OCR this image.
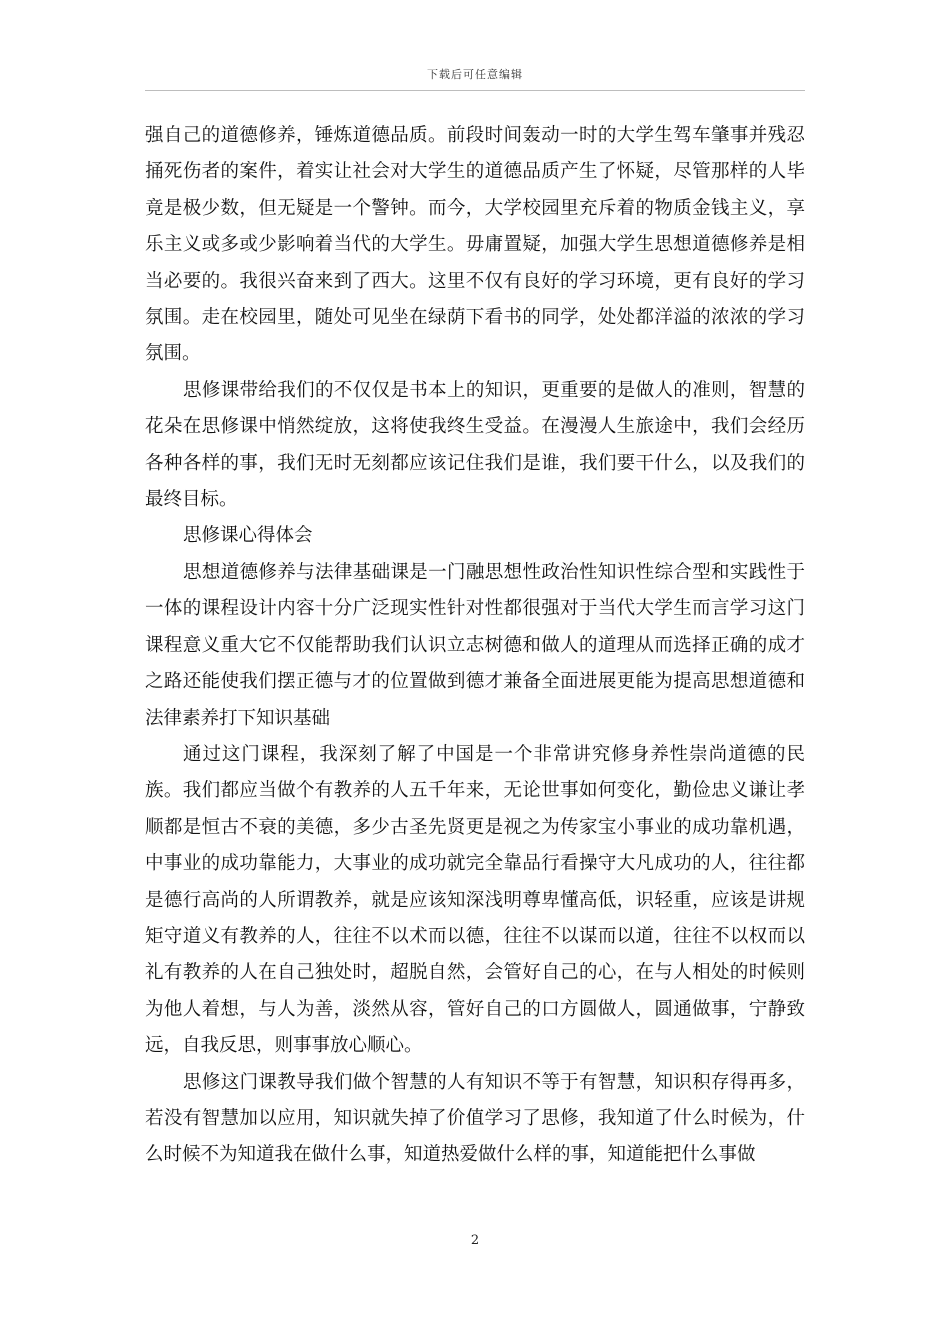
下载后可任意编辑

强自己的道德修养，锤炼道德品质。前段时间轰动一时的大学生驾车肇事并残忍捅死伤者的案件，着实让社会对大学生的道德品质产生了怀疑，尽管那样的人毕竟是极少数，但无疑是一个警钟。而今，大学校园里充斥着的物质金钱主义，享乐主义或多或少影响着当代的大学生。毋庸置疑，加强大学生思想道德修养是相当必要的。我很兴奋来到了西大。这里不仅有良好的学习环境，更有良好的学习氛围。走在校园里，随处可见坐在绿荫下看书的同学，处处都洋溢的浓浓的学习氛围。

思修课带给我们的不仅仅是书本上的知识，更重要的是做人的准则，智慧的花朵在思修课中悄然绽放，这将使我终生受益。在漫漫人生旅途中，我们会经历各种各样的事，我们无时无刻都应该记住我们是谁，我们要干什么，以及我们的最终目标。

思修课心得体会

思想道德修养与法律基础课是一门融思想性政治性知识性综合型和实践性于一体的课程设计内容十分广泛现实性针对性都很强对于当代大学生而言学习这门课程意义重大它不仅能帮助我们认识立志树德和做人的道理从而选择正确的成才之路还能使我们摆正德与才的位置做到德才兼备全面进展更能为提高思想道德和法律素养打下知识基础

通过这门课程，我深刻了解了中国是一个非常讲究修身养性崇尚道德的民族。我们都应当做个有教养的人五千年来，无论世事如何变化，勤俭忠义谦让孝顺都是恒古不衰的美德，多少古圣先贤更是视之为传家宝小事业的成功靠机遇，中事业的成功靠能力，大事业的成功就完全靠品行看操守大凡成功的人，往往都是德行高尚的人所谓教养，就是应该知深浅明尊卑懂高低，识轻重，应该是讲规矩守道义有教养的人，往往不以术而以德，往往不以谋而以道，往往不以权而以礼有教养的人在自己独处时，超脱自然，会管好自己的心，在与人相处的时候则为他人着想，与人为善，淡然从容，管好自己的口方圆做人，圆通做事，宁静致远，自我反思，则事事放心顺心。

思修这门课教导我们做个智慧的人有知识不等于有智慧，知识积存得再多，若没有智慧加以应用，知识就失掉了价值学习了思修，我知道了什么时候为，什么时候不为知道我在做什么事，知道热爱做什么样的事，知道能把什么事做

2
